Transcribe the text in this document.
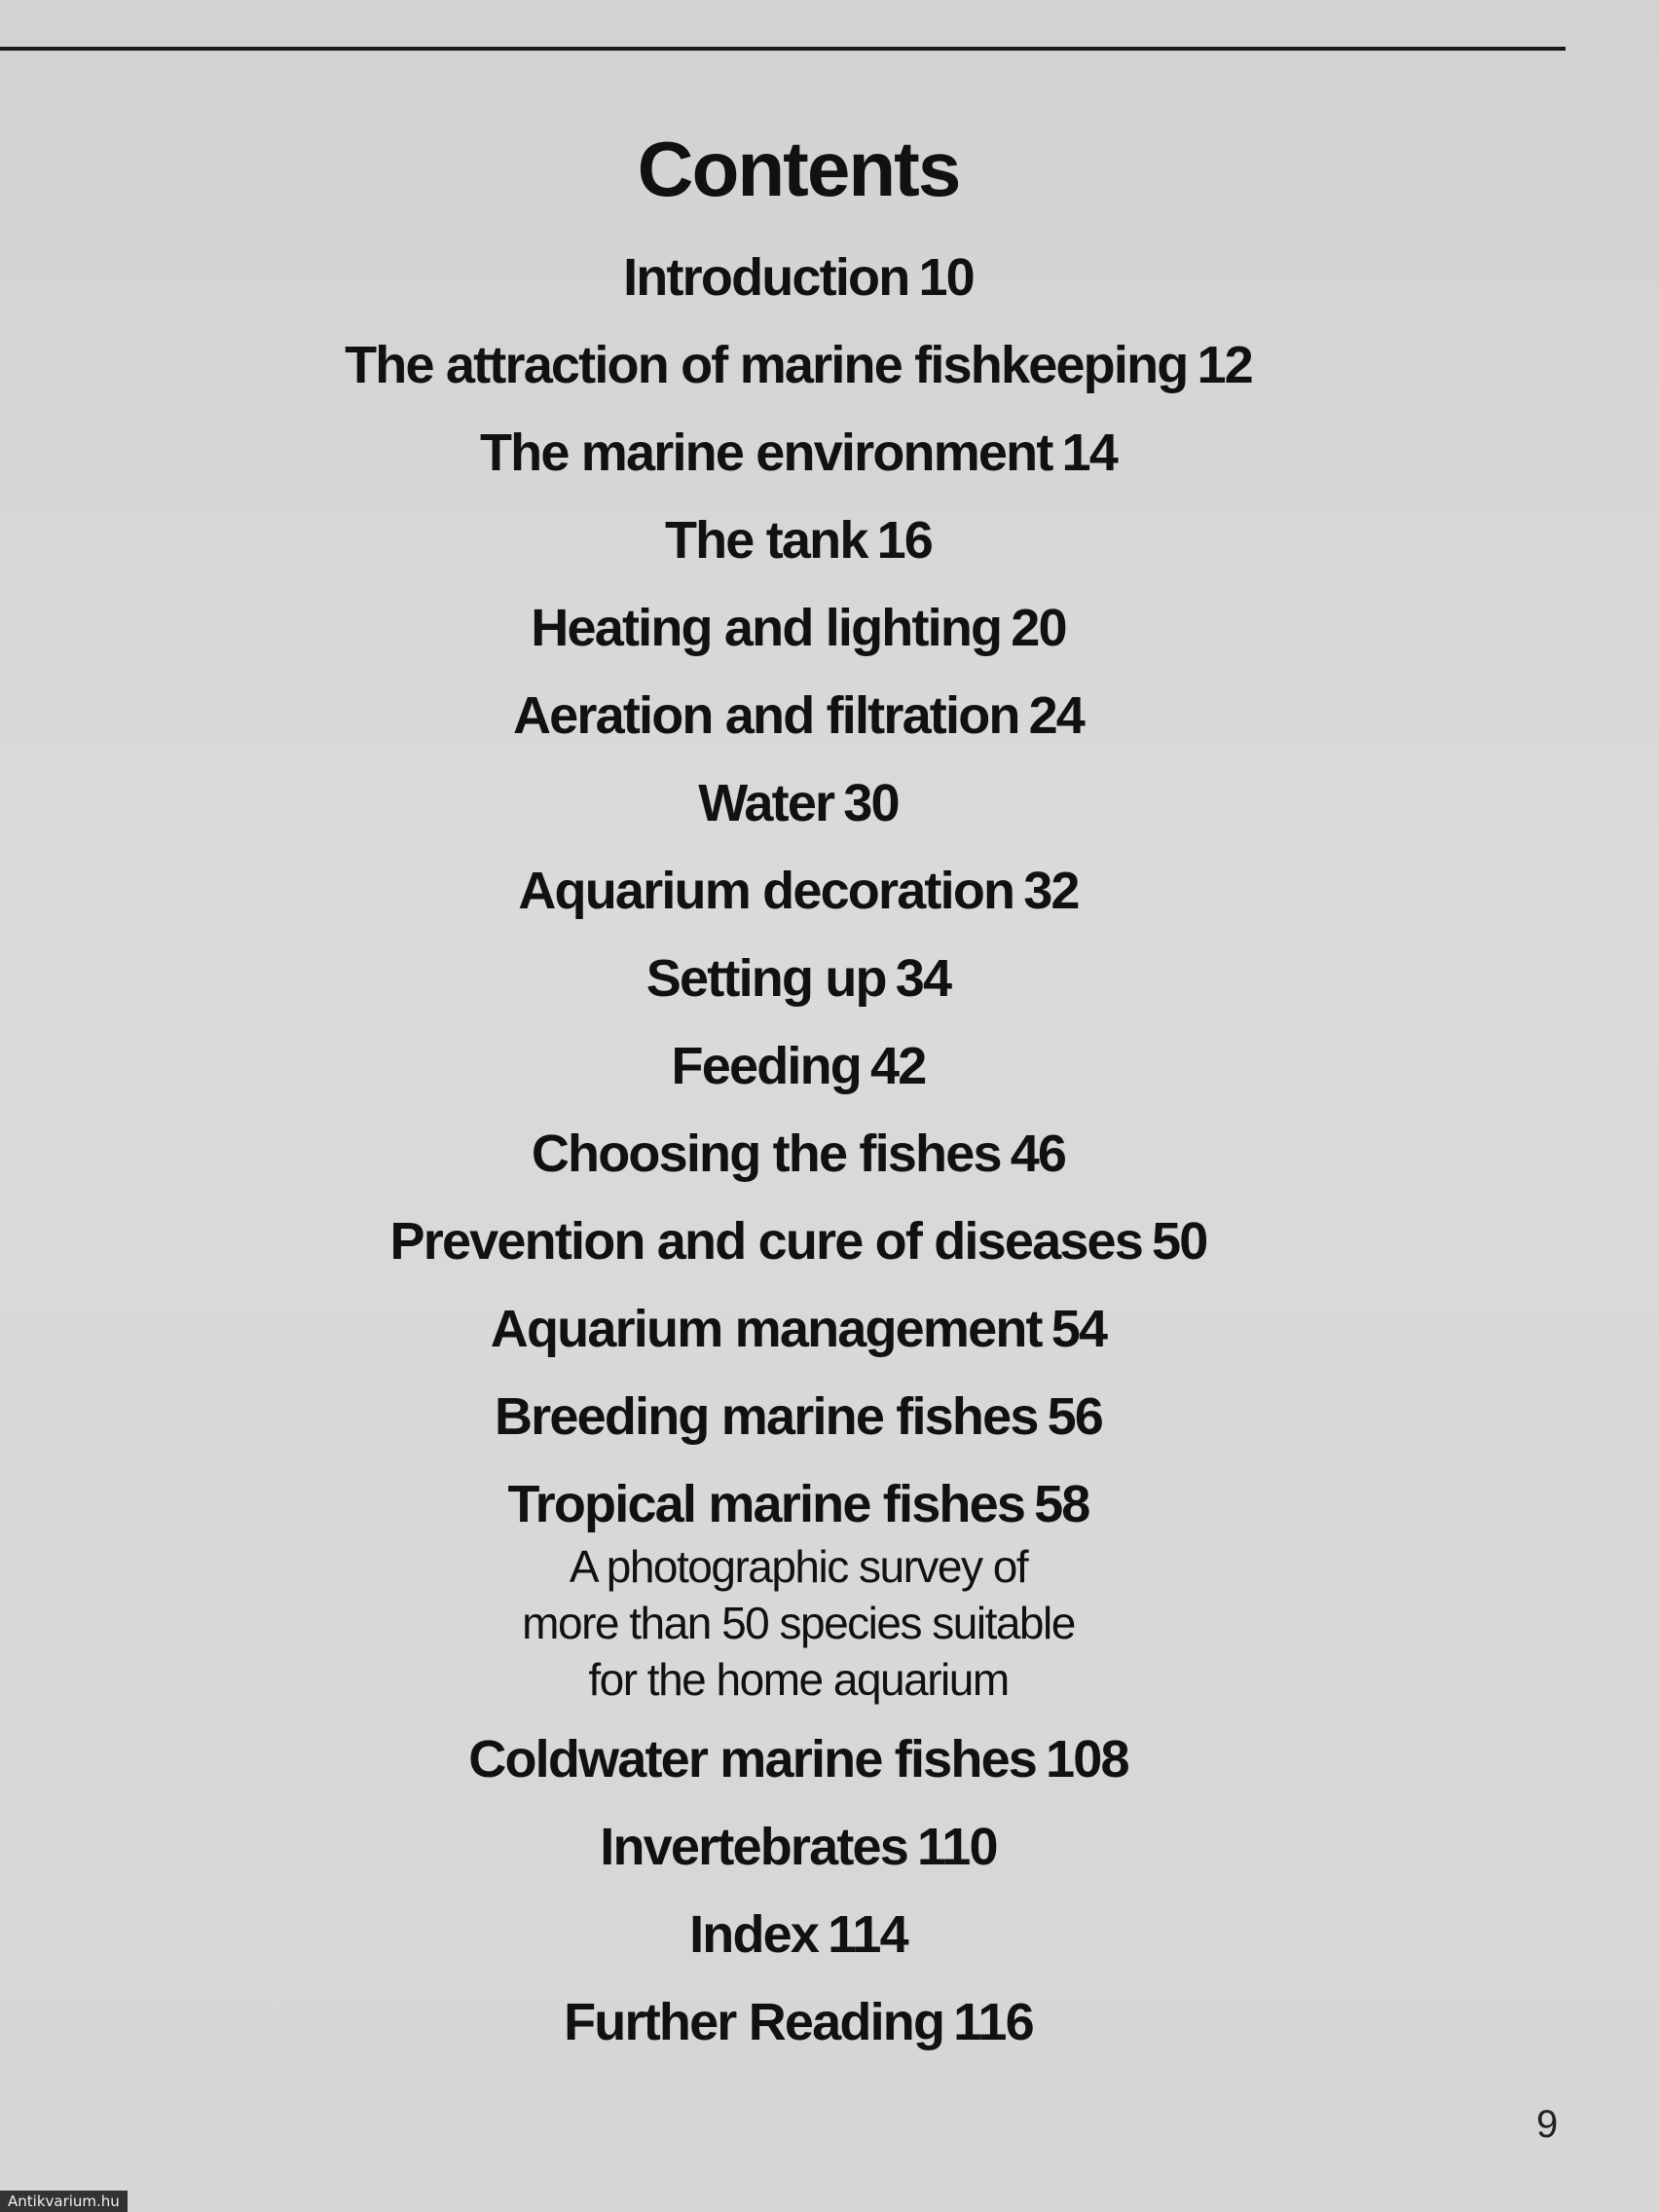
Contents
Introduction 10
The attraction of marine fishkeeping 12
The marine environment 14
The tank 16
Heating and lighting 20
Aeration and filtration 24
Water 30
Aquarium decoration 32
Setting up 34
Feeding 42
Choosing the fishes 46
Prevention and cure of diseases 50
Aquarium management 54
Breeding marine fishes 56
Tropical marine fishes 58
A photographic survey of
more than 50 species suitable
for the home aquarium
Coldwater marine fishes 108
Invertebrates 110
Index 114
Further Reading 116
9
Antikvarium.hu
